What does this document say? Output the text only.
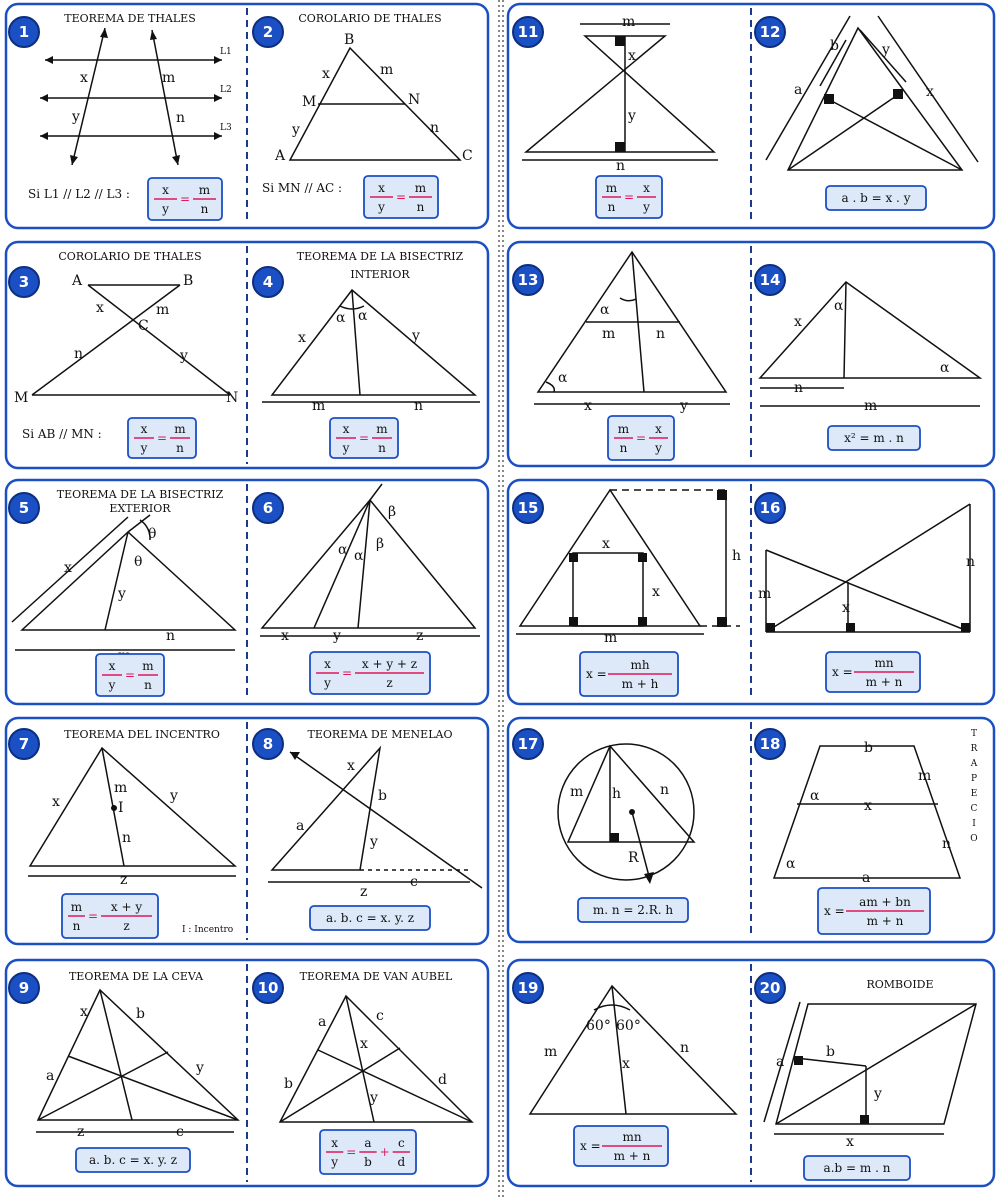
1	2
3	4
5	6
7	8
9	10
11	12
13	14
15	16
17	18
19	20
TEOREMA DE THALES
x	m
y	n
L1
L2
L3
Si L1 // L2 // L3 :
COROLARIO DE THALES
B
x	m
M	N
y	n
A	C
Si MN // AC :
COROLARIO DE THALES
A	B
x	m
C
n	y
M	N
Si AB // MN :
TEOREMA DE LA BISECTRIZ
INTERIOR
x	y
α α
m	n
TEOREMA DE LA BISECTRIZ
EXTERIOR
x
y
θ
θ
n
α α
β
β
x	y	z
TEOREMA DEL INCENTRO
x	y
m
I
n
z
I : Incentro
TEOREMA DE MENELAO
x
b
a
y
z
c
TEOREMA DE LA CEVA
x	b
a	y
z	c
TEOREMA DE VAN AUBEL
a	c
x
b	d
y
m
x
y
n
b	y
a	x
α
m	n
α
x	y
x
α
α
n
m
x
x
h
m
m
x
n
m h	n
R
b
α
x
m
n
α
a
T
R
A
P
E
C
I
O
60° 60°
m
x
n
ROMBOIDE
a
b
y
x
x
y
=
m
n
x
y
=
m
n
x
y
=
m
n
x
y
=
m
n
x
y
=
m
n
x
y
=
x + y + z
z
m
n
=
x + y
z
a. b. c = x. y. z
a. b. c = x. y. z
x
y
=
a
b
+
c
d
m
n
=
x
y
a . b = x . y
m
n
=
x
y
x² = m . n
x =
mh
m + h
x =
mn
m + n
m. n = 2.R. h	x =
am + bn
m + n
x =
mn
m + n
a.b = m . n
